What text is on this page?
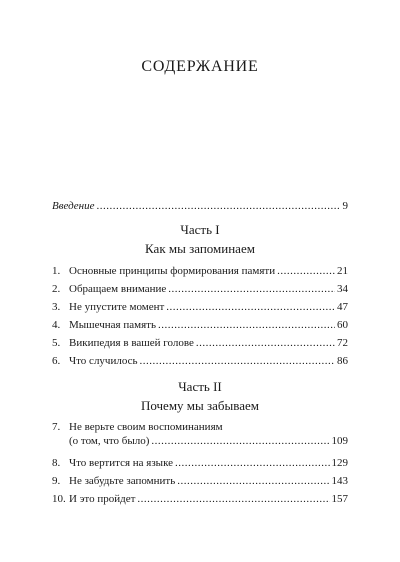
СОДЕРЖАНИЕ
Введение .....	9
Часть I
Как мы запоминаем
1. Основные принципы формирования памяти .....	21
2. Обращаем внимание .....	34
3. Не упустите момент .....	47
4. Мышечная память .....	60
5. Википедия в вашей голове .....	72
6. Что случилось .....	86
Часть II
Почему мы забываем
7. Не верьте своим воспоминаниям
(о том, что было) .....	109
8. Что вертится на языке .....	129
9. Не забудьте запомнить .....	143
10. И это пройдет .....	157
